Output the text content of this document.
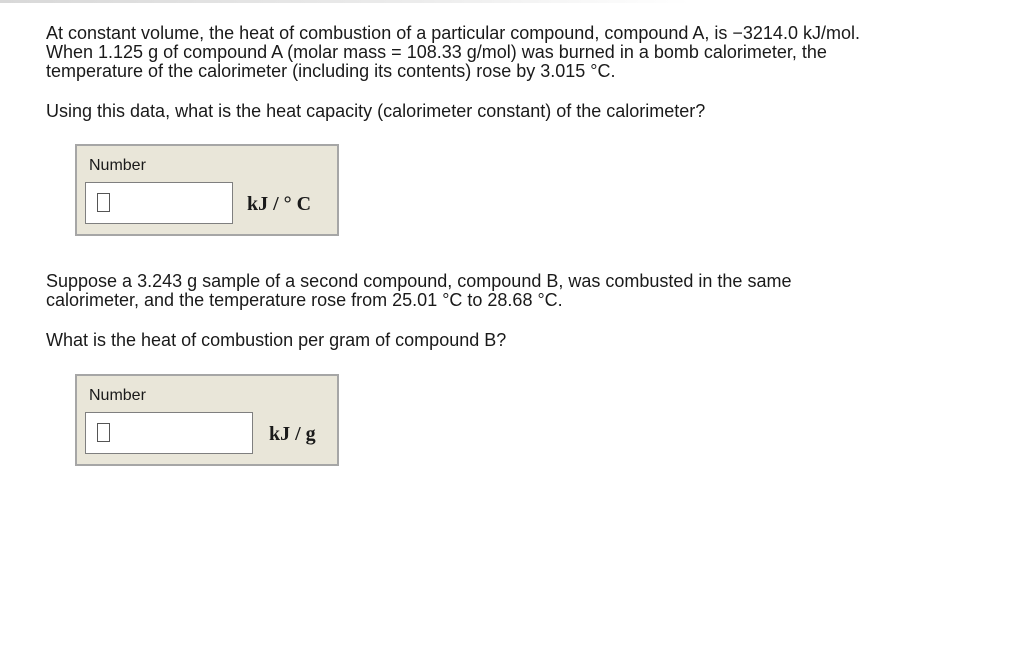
At constant volume, the heat of combustion of a particular compound, compound A, is −3214.0 kJ/mol.
When 1.125 g of compound A (molar mass = 108.33 g/mol) was burned in a bomb calorimeter, the
temperature of the calorimeter (including its contents) rose by 3.015 °C.

Using this data, what is the heat capacity (calorimeter constant) of the calorimeter?

Number
kJ / ° C

Suppose a 3.243 g sample of a second compound, compound B, was combusted in the same
calorimeter, and the temperature rose from 25.01 °C to 28.68 °C.

What is the heat of combustion per gram of compound B?

Number
kJ / g
